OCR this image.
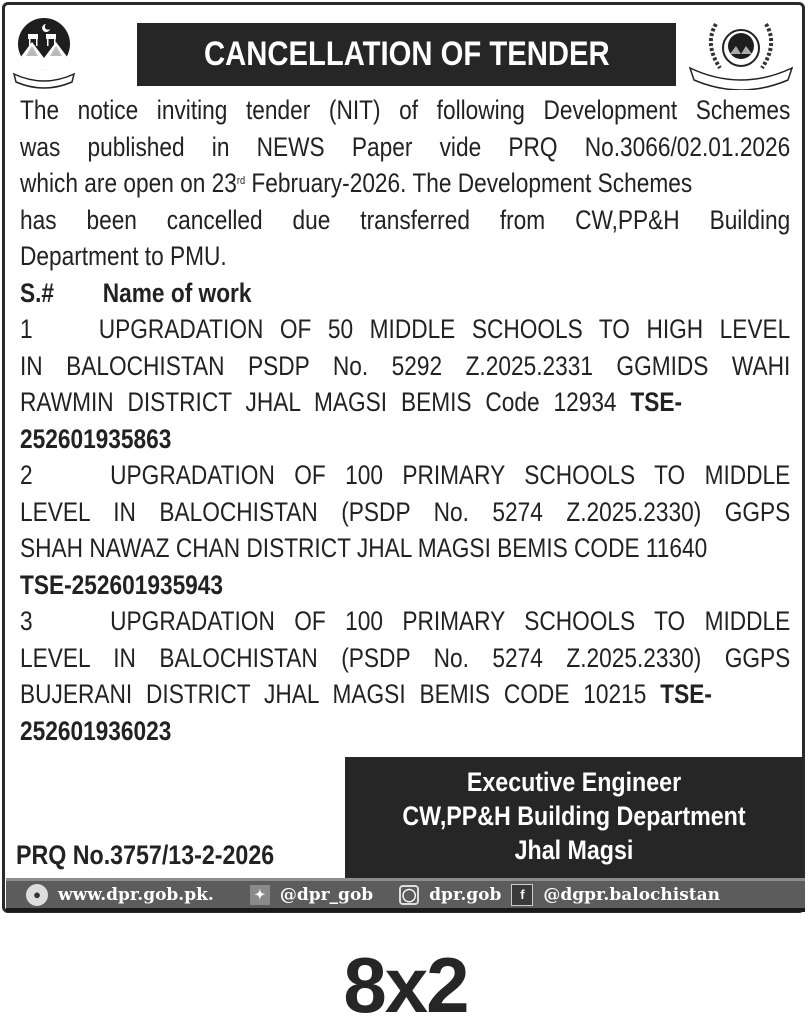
CANCELLATION OF TENDER
The notice inviting tender (NIT) of following Development Schemes
was published in NEWS Paper vide PRQ No.3066/02.01.2026
which are open on 23rd February-2026. The Development Schemes
has been cancelled due transferred from CW,PP&H Building
Department to PMU.
S.# Name of work
1 UPGRADATION OF 50 MIDDLE SCHOOLS TO HIGH LEVEL
IN BALOCHISTAN PSDP No. 5292 Z.2025.2331 GGMIDS WAHI
RAWMIN DISTRICT JHAL MAGSI BEMIS Code 12934 TSE-
252601935863
2	UPGRADATION OF 100 PRIMARY SCHOOLS TO MIDDLE
LEVEL IN BALOCHISTAN (PSDP No. 5274 Z.2025.2330) GGPS
SHAH NAWAZ CHAN DISTRICT JHAL MAGSI BEMIS CODE 11640
TSE-252601935943
3	UPGRADATION OF 100 PRIMARY SCHOOLS TO MIDDLE
LEVEL IN BALOCHISTAN (PSDP No. 5274 Z.2025.2330) GGPS
BUJERANI DISTRICT JHAL MAGSI BEMIS CODE 10215 TSE-
252601936023
Executive Engineer
CW,PP&H Building Department
Jhal Magsi
PRQ No.3757/13-2-2026
●	www.dpr.gob.pk.	✦ @dpr_gob ◯ dpr.gob	f	@dgpr.balochistan
8x2
